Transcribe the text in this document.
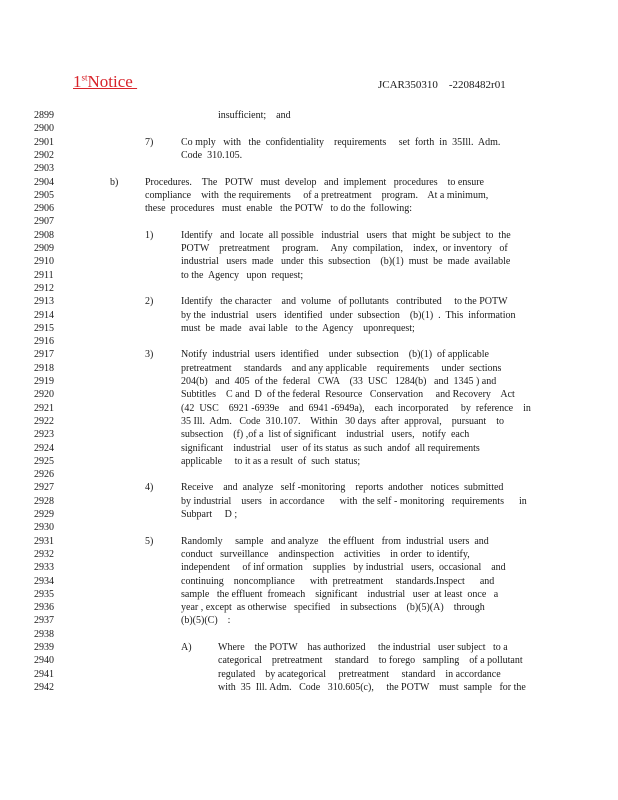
1stNotice	JCAR350310    -2208482r01
2899	insufficient;    and
2900
2901	7)	Co mply   with   the  confidentiality    requirements     set  forth  in  35Ill.  Adm.
2902	Code  310.105.
2903
2904	b)	Procedures.    The   POTW   must  develop   and  implement   procedures    to ensure
2905	compliance    with  the requirements     of a pretreatment    program.    At a minimum,
2906	these  procedures   must  enable   the POTW   to do the  following:
2907
2908	1)	Identify   and  locate  all possible   industrial   users  that  might  be subject  to  the
2909	POTW    pretreatment     program.     Any  compilation,    index,  or inventory   of
2910	industrial   users  made   under  this  subsection    (b)(1)  must  be  made  available
2911	to the  Agency   upon  request;
2912
2913	2)	Identify   the character    and  volume   of pollutants   contributed     to the POTW
2914	by the  industrial   users   identified   under  subsection    (b)(1)  .  This  information
2915	must  be  made   avai lable   to the  Agency    uponrequest;
2916
2917	3)	Notify  industrial  users  identified    under  subsection    (b)(1)  of applicable
2918	pretreatment     standards    and any applicable    requirements     under  sections
2919	204(b)   and  405  of the  federal   CWA    (33  USC   1284(b)   and  1345 ) and
2920	Subtitles    C and  D  of the federal  Resource   Conservation     and Recovery    Act
2921	(42  USC    6921 -6939e    and  6941 -6949a),    each  incorporated     by  reference    in
2922	35 Ill.  Adm.   Code  310.107.    Within   30 days  after  approval,    pursuant    to
2923	subsection    (f) ,of a  list of significant    industrial   users,   notify  each
2924	significant    industrial    user  of its status  as such  andof  all requirements
2925	applicable     to it as a result  of  such  status;
2926
2927	4)	Receive    and  analyze   self -monitoring    reports  andother   notices  submitted
2928	by industrial    users   in accordance      with  the self - monitoring   requirements      in
2929	Subpart     D ;
2930
2931	5)	Randomly     sample   and analyze    the effluent   from  industrial  users  and
2932	conduct   surveillance    andinspection    activities    in order  to identify,
2933	independent     of inf ormation    supplies   by industrial   users,  occasional    and
2934	continuing    noncompliance      with  pretreatment     standards.Inspect      and
2935	sample   the effluent  fromeach    significant    industrial   user  at least  once   a
2936	year , except  as otherwise   specified    in subsections    (b)(5)(A)    through
2937	(b)(5)(C)    :
2938
2939	A)	Where    the POTW    has authorized     the industrial   user subject   to a
2940	categorical    pretreatment     standard    to forego   sampling    of a pollutant
2941	regulated    by acategorical     pretreatment     standard    in accordance
2942	with  35  Ill. Adm.   Code   310.605(c),     the POTW    must  sample   for the
